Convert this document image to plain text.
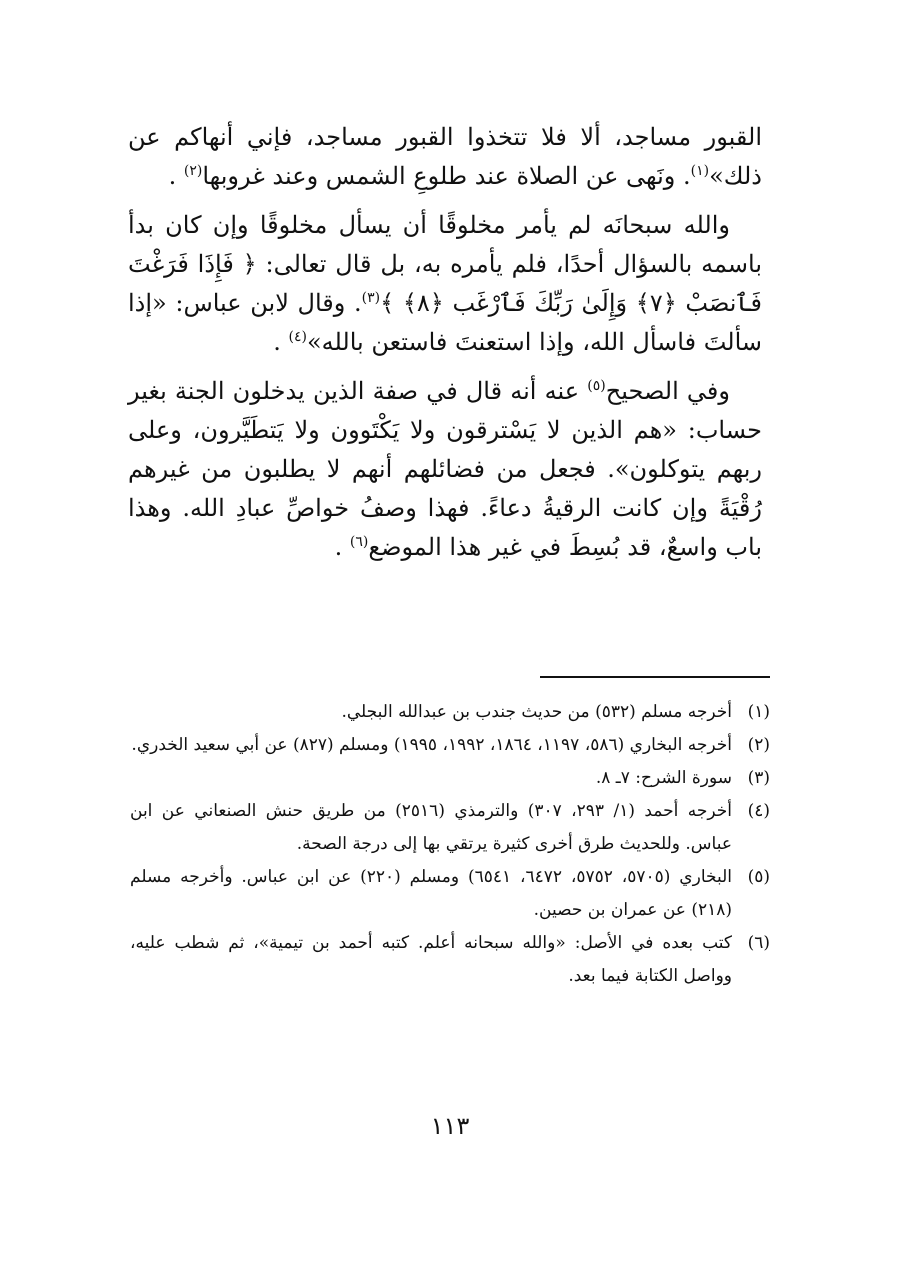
القبور مساجد، ألا فلا تتخذوا القبور مساجد، فإني أنهاكم عن ذلك»$^{(١)}$. ونَهى عن الصلاة عند طلوعِ الشمس وعند غروبها$^{(٢)}$ .

والله سبحانَه لم يأمر مخلوقًا أن يسأل مخلوقًا وإن كان بدأ باسمه بالسؤال أحدًا، فلم يأمره به، بل قال تعالى: ﴿ فَإِذَا فَرَغْتَ فَٱنصَبْ ﴿٧﴾ وَإِلَىٰ رَبِّكَ فَٱرْغَب ﴿٨﴾ ﴾$^{(٣)}$. وقال لابن عباس: «إذا سألتَ فاسأل الله، وإذا استعنتَ فاستعن بالله»$^{(٤)}$ .

وفي الصحيح$^{(٥)}$ عنه أنه قال في صفة الذين يدخلون الجنة بغير حساب: «هم الذين لا يَسْترقون ولا يَكْتَوون ولا يَتطَيَّرون، وعلى ربهم يتوكلون». فجعل من فضائلهم أنهم لا يطلبون من غيرهم رُقْيَةً وإن كانت الرقيةُ دعاءً. فهذا وصفُ خواصِّ عبادِ الله. وهذا باب واسعٌ، قد بُسِطَ في غير هذا الموضع$^{(٦)}$ .

(١)
أخرجه مسلم (٥٣٢) من حديث جندب بن عبدالله البجلي.
(٢)
أخرجه البخاري (٥٨٦، ١١٩٧، ١٨٦٤، ١٩٩٢، ١٩٩٥) ومسلم (٨٢٧) عن أبي سعيد الخدري.
(٣)
سورة الشرح: ٧ـ ٨.
(٤)
أخرجه أحمد (١/ ٢٩٣، ٣٠٧) والترمذي (٢٥١٦) من طريق حنش الصنعاني عن ابن عباس. وللحديث طرق أخرى كثيرة يرتقي بها إلى درجة الصحة.
(٥)
البخاري (٥٧٠٥، ٥٧٥٢، ٦٤٧٢، ٦٥٤١) ومسلم (٢٢٠) عن ابن عباس. وأخرجه مسلم (٢١٨) عن عمران بن حصين.
(٦)
كتب بعده في الأصل: «والله سبحانه أعلم. كتبه أحمد بن تيمية»، ثم شطب عليه، وواصل الكتابة فيما بعد.
١١٣
